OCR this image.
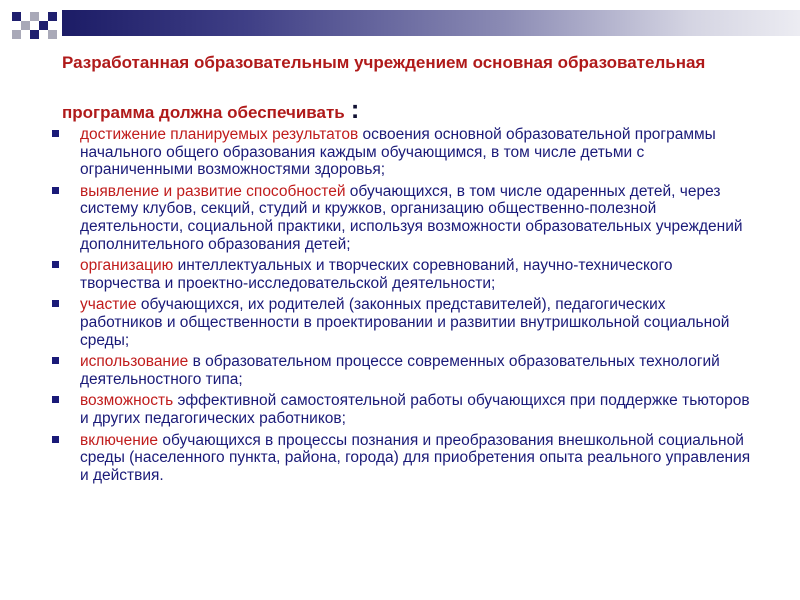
Разработанная образовательным учреждением основная образовательная программа должна обеспечивать :
достижение планируемых результатов освоения основной образовательной программы начального общего образования каждым обучающимся, в том числе детьми с ограниченными возможностями здоровья;
выявление и развитие способностей обучающихся, в том числе одаренных детей, через систему клубов, секций, студий и кружков, организацию общественно-полезной деятельности, социальной практики, используя возможности образовательных учреждений дополнительного образования детей;
организацию интеллектуальных и творческих соревнований, научно-технического творчества и проектно-исследовательской деятельности;
участие обучающихся, их родителей (законных представителей), педагогических работников и общественности в проектировании и развитии внутришкольной социальной среды;
использование в образовательном процессе современных образовательных технологий деятельностного типа;
возможность эффективной самостоятельной работы обучающихся при поддержке тьюторов и других педагогических работников;
включение обучающихся в процессы познания и преобразования внешкольной социальной среды (населенного пункта, района, города) для приобретения опыта реального управления и действия.
